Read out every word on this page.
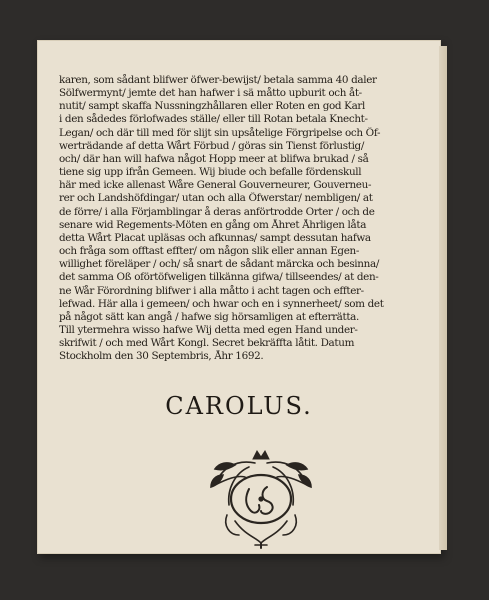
karen, som sådant blifwer öfwer-bewijst/ betala samma 40 daler
Sölfwermynt/ jemte det han hafwer i sä måtto upburit och åt-
nutit/ sampt skaffa Nussningzhållaren eller Roten en god Karl
i den sådedes förlofwades ställe/ eller till Rotan betala Knecht-
Legan/ och där till med för slijt sin upsåtelige Förgripelse och Öf-
werträdande af detta Wårt Förbud / göras sin Tienst förlustig/
och/ där han will hafwa något Hopp meer at blifwa brukad / så
tiene sig upp ifrån Gemeen. Wij biude och befalle fördenskull
här med icke allenast Wåre General Gouverneurer, Gouverneu-
rer och Landshöfdingar/ utan och alla Öfwerstar/ nembligen/ at
de förre/ i alla Förjamblingar å deras anförtrodde Orter / och de
senare wid Regements-Möten en gång om Åhret Åhrligen låta
detta Wårt Placat upläsas och afkunnas/ sampt dessutan hafwa
och fråga som offtast effter/ om någon slik eller annan Egen-
willighet föreläper / och/ så snart de sådant märcka och besinna/
det samma Oß oförtöfweligen tilkänna gifwa/ tillseendes/ at den-
ne Wår Förordning blifwer i alla måtto i acht tagen och effter-
lefwad. Här alla i gemeen/ och hwar och en i synnerheet/ som det
på något sätt kan angå / hafwe sig hörsamligen at efterrätta.
Till ytermehra wisso hafwe Wij detta med egen Hand under-
skrifwit / och med Wårt Kongl. Secret bekräffta låtit. Datum
Stockholm den 30 Septembris, Åhr 1692.
CAROLUS.
